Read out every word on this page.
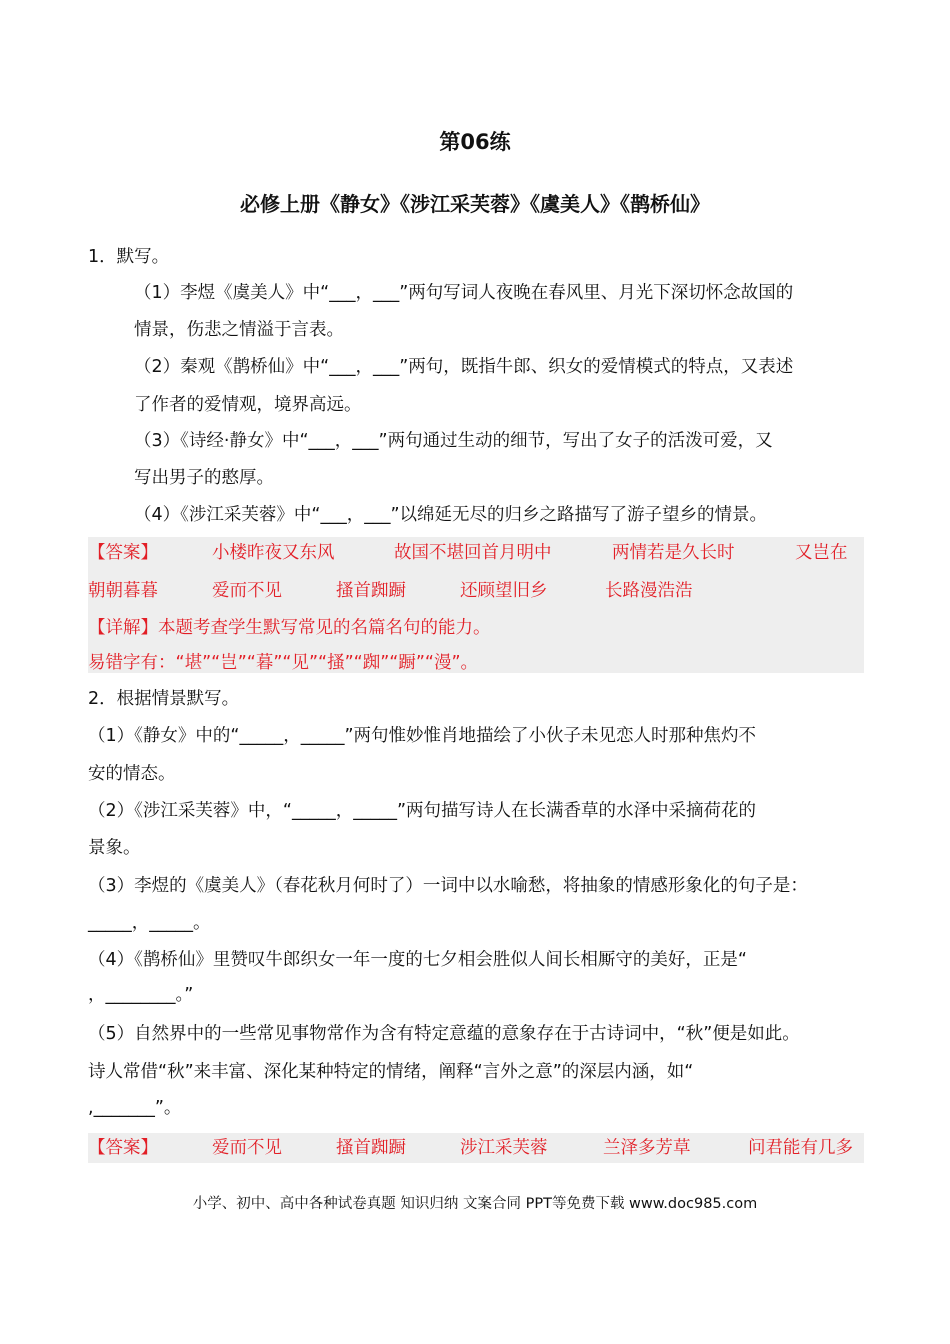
第06练
必修上册《静女》《涉江采芙蓉》《虞美人》《鹊桥仙》
1．默写。
（1）李煜《虞美人》中“___，___”两句写词人夜晚在春风里、月光下深切怀念故国的
情景，伤悲之情溢于言表。
（2）秦观《鹊桥仙》中“___，___”两句，既指牛郎、织女的爱情模式的特点，又表述
了作者的爱情观，境界高远。
（3）《诗经·静女》中“___，___”两句通过生动的细节，写出了女子的活泼可爱，又
写出男子的憨厚。
（4）《涉江采芙蓉》中“___，___”以绵延无尽的归乡之路描写了游子望乡的情景。
【答案】	小楼昨夜又东风	故国不堪回首月明中	两情若是久长时	又岂在
朝朝暮暮	爱而不见	搔首踟蹰	还顾望旧乡	长路漫浩浩
【详解】本题考查学生默写常见的名篇名句的能力。
易错字有：“堪”“岂”“暮”“见”“搔”“踟”“蹰”“漫”。
2．根据情景默写。
（1）《静女》中的“_____，_____”两句惟妙惟肖地描绘了小伙子未见恋人时那种焦灼不
安的情态。
（2）《涉江采芙蓉》中，“_____，_____”两句描写诗人在长满香草的水泽中采摘荷花的
景象。
（3）李煜的《虞美人》（春花秋月何时了）一词中以水喻愁，将抽象的情感形象化的句子是：
_____，_____。
（4）《鹊桥仙》里赞叹牛郎织女一年一度的七夕相会胜似人间长相厮守的美好，正是“
，________。”
（5）自然界中的一些常见事物常作为含有特定意蕴的意象存在于古诗词中，“秋”便是如此。
诗人常借“秋”来丰富、深化某种特定的情绪，阐释“言外之意”的深层内涵，如“
,_______”。
【答案】	爱而不见	搔首踟蹰	涉江采芙蓉	兰泽多芳草	问君能有几多
小学、初中、高中各种试卷真题 知识归纳 文案合同 PPT等免费下载 www.doc985.com
